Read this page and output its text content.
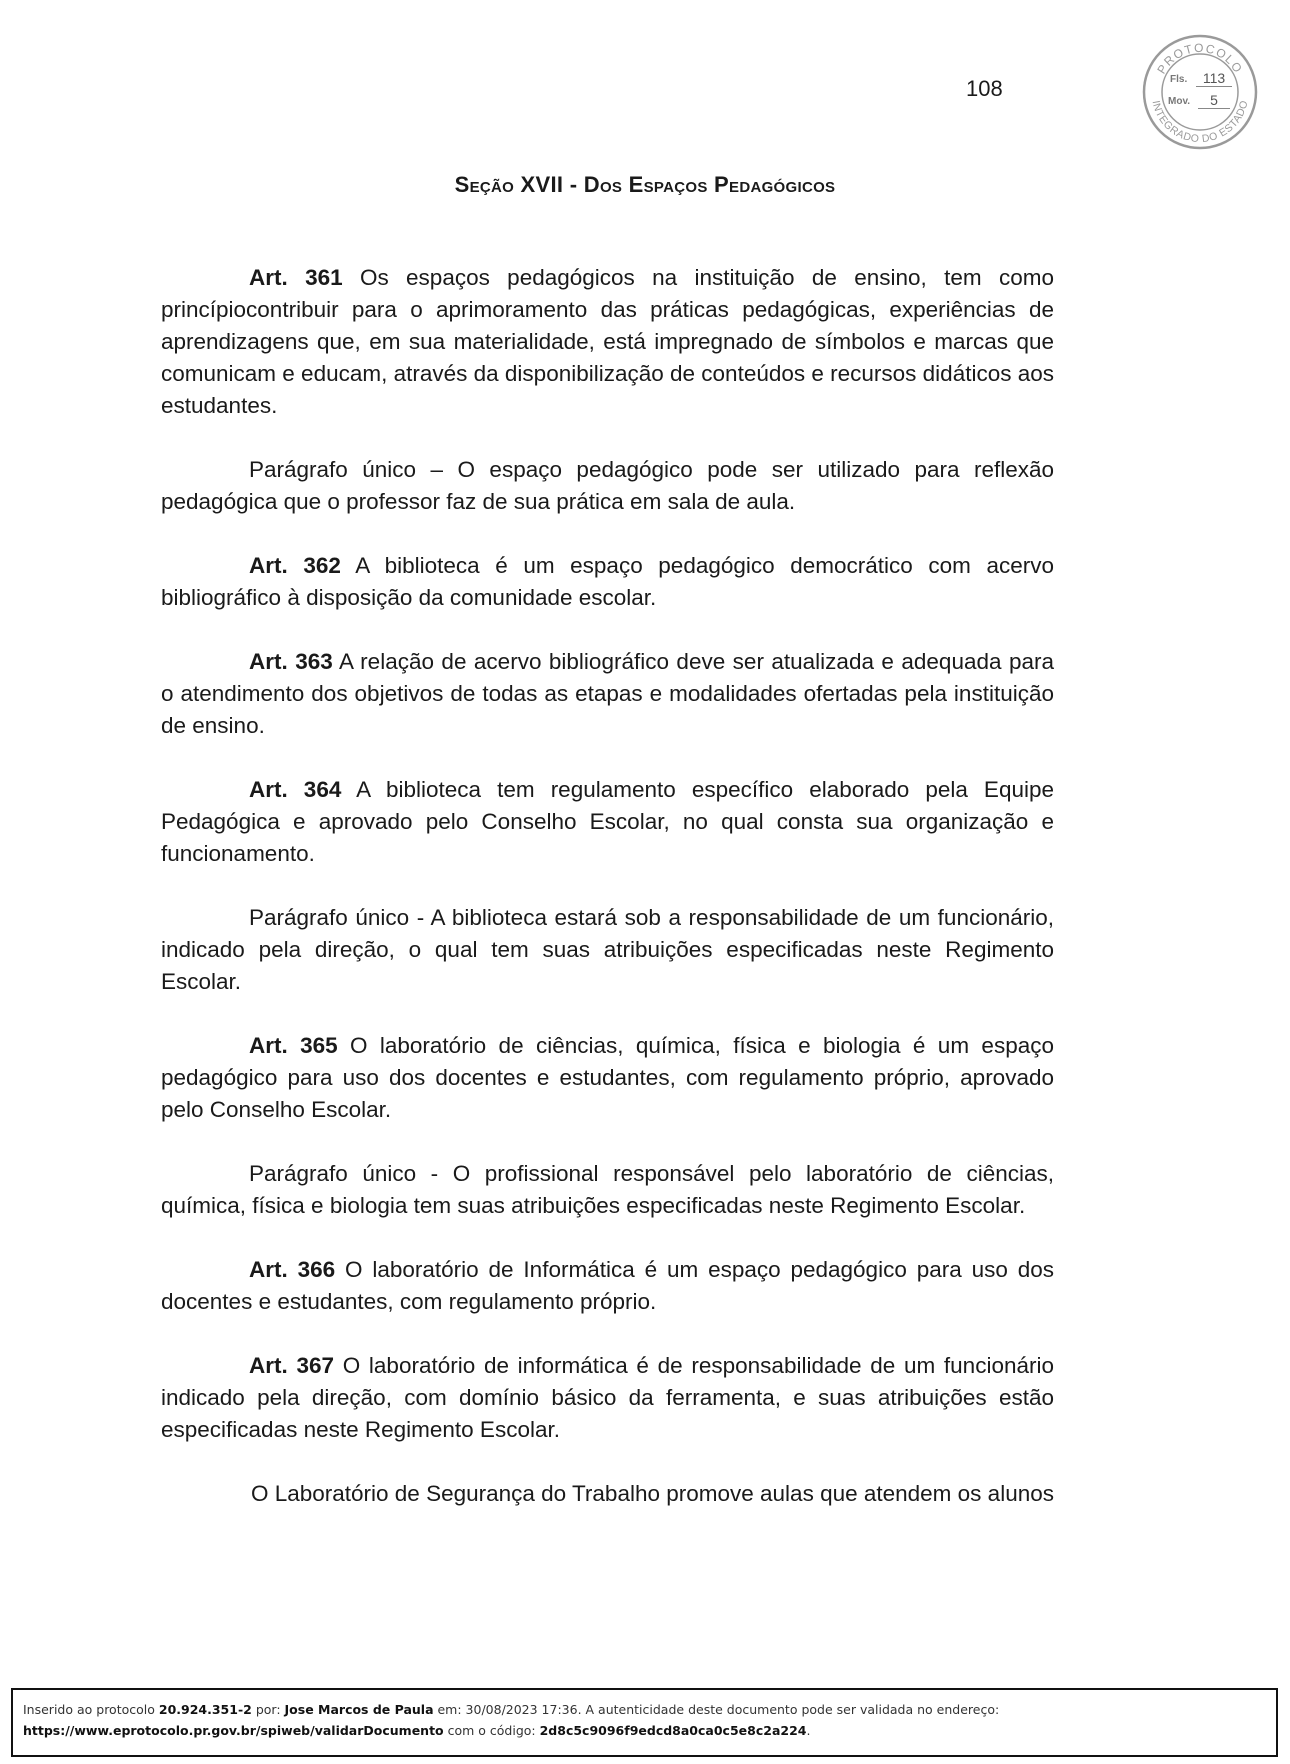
108
PROTOCOLO
INTEGRADO DO ESTADO
Fls.	113
Mov.	5
Seção XVII - Dos Espaços Pedagógicos

Art. 361 Os espaços pedagógicos na instituição de ensino, tem como princípiocontribuir para o aprimoramento das práticas pedagógicas, experiências de aprendizagens que, em sua materialidade, está impregnado de símbolos e marcas que comunicam e educam, através da disponibilização de conteúdos e recursos didáticos aos estudantes.

Parágrafo único – O espaço pedagógico pode ser utilizado para reflexão pedagógica que o professor faz de sua prática em sala de aula.

Art. 362 A biblioteca é um espaço pedagógico democrático com acervo bibliográfico à disposição da comunidade escolar.

Art. 363 A relação de acervo bibliográfico deve ser atualizada e adequada para o atendimento dos objetivos de todas as etapas e modalidades ofertadas pela instituição de ensino.

Art. 364 A biblioteca tem regulamento específico elaborado pela Equipe Pedagógica e aprovado pelo Conselho Escolar, no qual consta sua organização e funcionamento.

Parágrafo único - A biblioteca estará sob a responsabilidade de um funcionário, indicado pela direção, o qual tem suas atribuições especificadas neste Regimento Escolar.

Art. 365 O laboratório de ciências, química, física e biologia é um espaço pedagógico para uso dos docentes e estudantes, com regulamento próprio, aprovado pelo Conselho Escolar.

Parágrafo único - O profissional responsável pelo laboratório de ciências, química, física e biologia tem suas atribuições especificadas neste Regimento Escolar.

Art. 366 O laboratório de Informática é um espaço pedagógico para uso dos docentes e estudantes, com regulamento próprio.

Art. 367 O laboratório de informática é de responsabilidade de um funcionário indicado pela direção, com domínio básico da ferramenta, e suas atribuições estão especificadas neste Regimento Escolar.

O Laboratório de Segurança do Trabalho promove aulas que atendem os alunos

Inserido ao protocolo 20.924.351-2 por: Jose Marcos de Paula em: 30/08/2023 17:36. A autenticidade deste documento pode ser validada no endereço:
https://www.eprotocolo.pr.gov.br/spiweb/validarDocumento com o código: 2d8c5c9096f9edcd8a0ca0c5e8c2a224.
